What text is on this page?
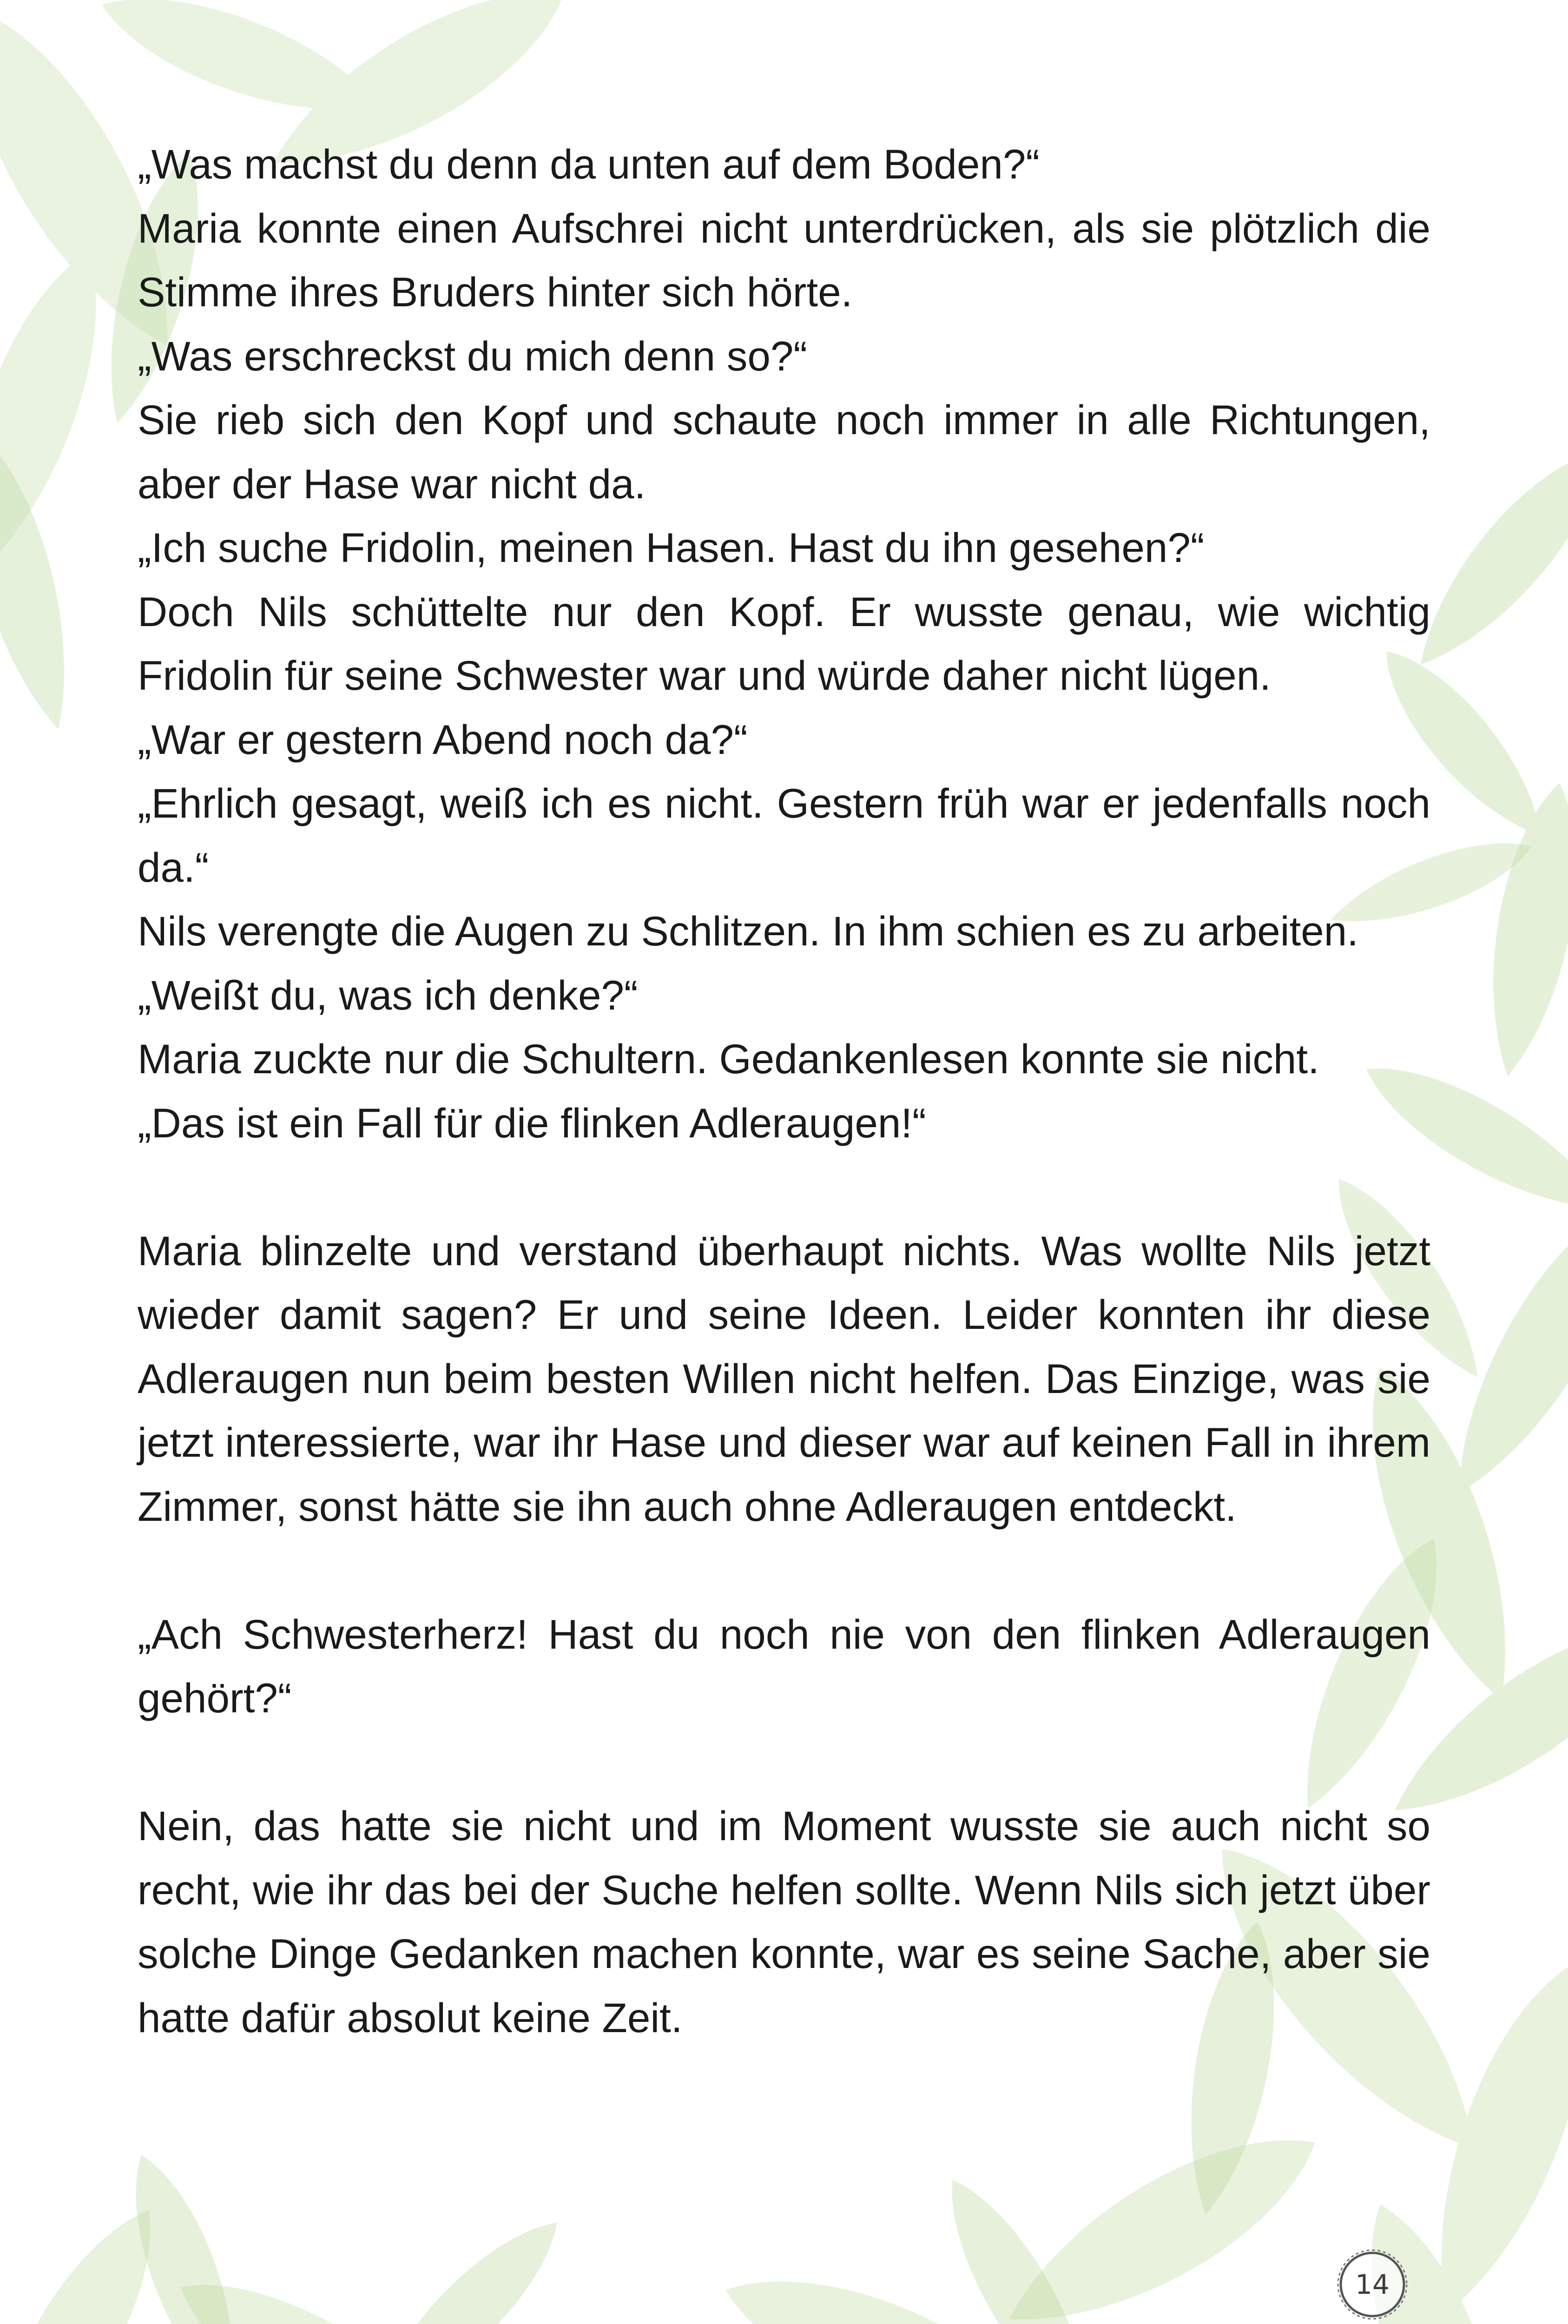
„Was machst du denn da unten auf dem Boden?“

Maria konnte einen Aufschrei nicht unterdrücken, als sie plötzlich die Stimme ihres Bruders hinter sich hörte.

„Was erschreckst du mich denn so?“

Sie rieb sich den Kopf und schaute noch immer in alle Richtungen, aber der Hase war nicht da.

„Ich suche Fridolin, meinen Hasen. Hast du ihn gesehen?“

Doch Nils schüttelte nur den Kopf. Er wusste genau, wie wichtig Fridolin für seine Schwester war und würde daher nicht lügen.

„War er gestern Abend noch da?“

„Ehrlich gesagt, weiß ich es nicht. Gestern früh war er jedenfalls noch da.“

Nils verengte die Augen zu Schlitzen. In ihm schien es zu arbeiten.

„Weißt du, was ich denke?“

Maria zuckte nur die Schultern. Gedankenlesen konnte sie nicht.

„Das ist ein Fall für die flinken Adleraugen!“

Maria blinzelte und verstand überhaupt nichts. Was wollte Nils jetzt wieder damit sagen? Er und seine Ideen. Leider konnten ihr diese Adleraugen nun beim besten Willen nicht helfen. Das Einzige, was sie jetzt interessierte, war ihr Hase und dieser war auf keinen Fall in ihrem Zimmer, sonst hätte sie ihn auch ohne Adleraugen entdeckt.

„Ach Schwesterherz! Hast du noch nie von den flinken Adleraugen gehört?“

Nein, das hatte sie nicht und im Moment wusste sie auch nicht so recht, wie ihr das bei der Suche helfen sollte. Wenn Nils sich jetzt über solche Dinge Gedanken machen konnte, war es seine Sache, aber sie hatte dafür absolut keine Zeit.

14
